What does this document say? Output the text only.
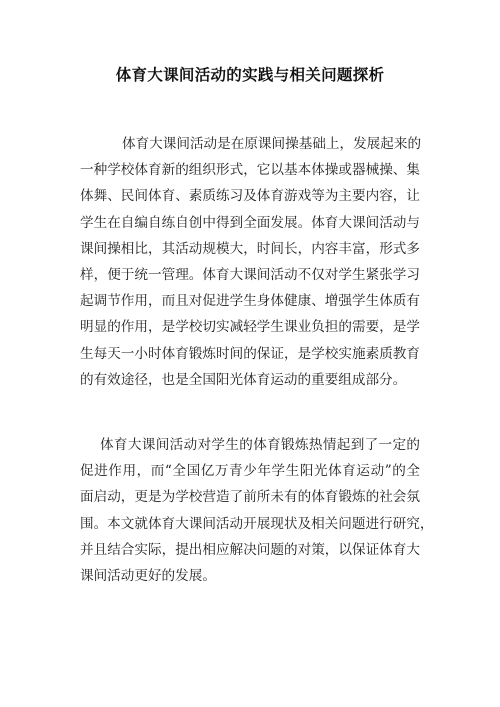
体育大课间活动的实践与相关问题探析
体育大课间活动是在原课间操基础上，发展起来的
一种学校体育新的组织形式，它以基本体操或器械操、集
体舞、民间体育、素质练习及体育游戏等为主要内容，让
学生在自编自练自创中得到全面发展。体育大课间活动与
课间操相比，其活动规模大，时间长，内容丰富，形式多
样，便于统一管理。体育大课间活动不仅对学生紧张学习
起调节作用，而且对促进学生身体健康、增强学生体质有
明显的作用，是学校切实减轻学生课业负担的需要，是学
生每天一小时体育锻炼时间的保证，是学校实施素质教育
的有效途径，也是全国阳光体育运动的重要组成部分。
体育大课间活动对学生的体育锻炼热情起到了一定的
促进作用，而“全国亿万青少年学生阳光体育运动”的全
面启动，更是为学校营造了前所未有的体育锻炼的社会氛
围。本文就体育大课间活动开展现状及相关问题进行研究，
并且结合实际，提出相应解决问题的对策，以保证体育大
课间活动更好的发展。
